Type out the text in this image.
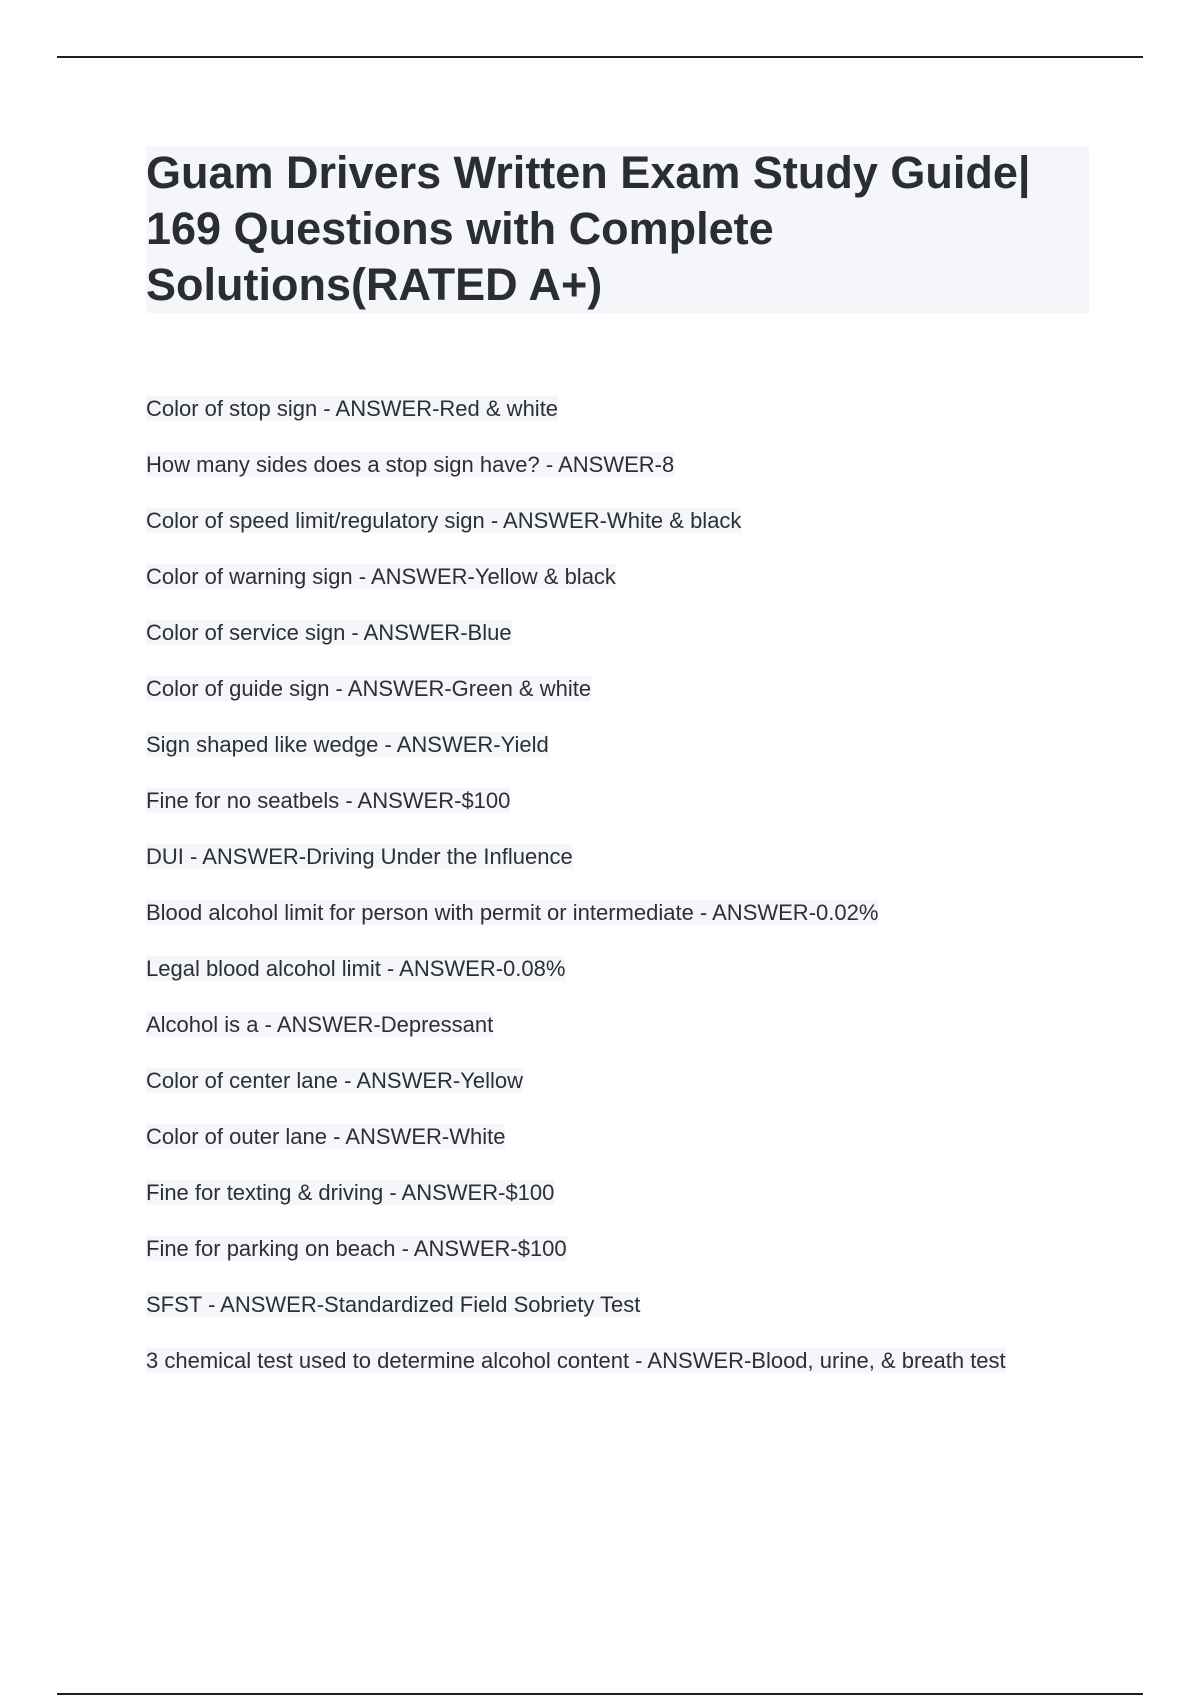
Guam Drivers Written Exam Study Guide| 169 Questions with Complete Solutions(RATED A+)
Color of stop sign - ANSWER-Red & white
How many sides does a stop sign have? - ANSWER-8
Color of speed limit/regulatory sign - ANSWER-White & black
Color of warning sign - ANSWER-Yellow & black
Color of service sign - ANSWER-Blue
Color of guide sign - ANSWER-Green & white
Sign shaped like wedge - ANSWER-Yield
Fine for no seatbels - ANSWER-$100
DUI - ANSWER-Driving Under the Influence
Blood alcohol limit for person with permit or intermediate - ANSWER-0.02%
Legal blood alcohol limit - ANSWER-0.08%
Alcohol is a - ANSWER-Depressant
Color of center lane - ANSWER-Yellow
Color of outer lane - ANSWER-White
Fine for texting & driving - ANSWER-$100
Fine for parking on beach - ANSWER-$100
SFST - ANSWER-Standardized Field Sobriety Test
3 chemical test used to determine alcohol content - ANSWER-Blood, urine, & breath test
